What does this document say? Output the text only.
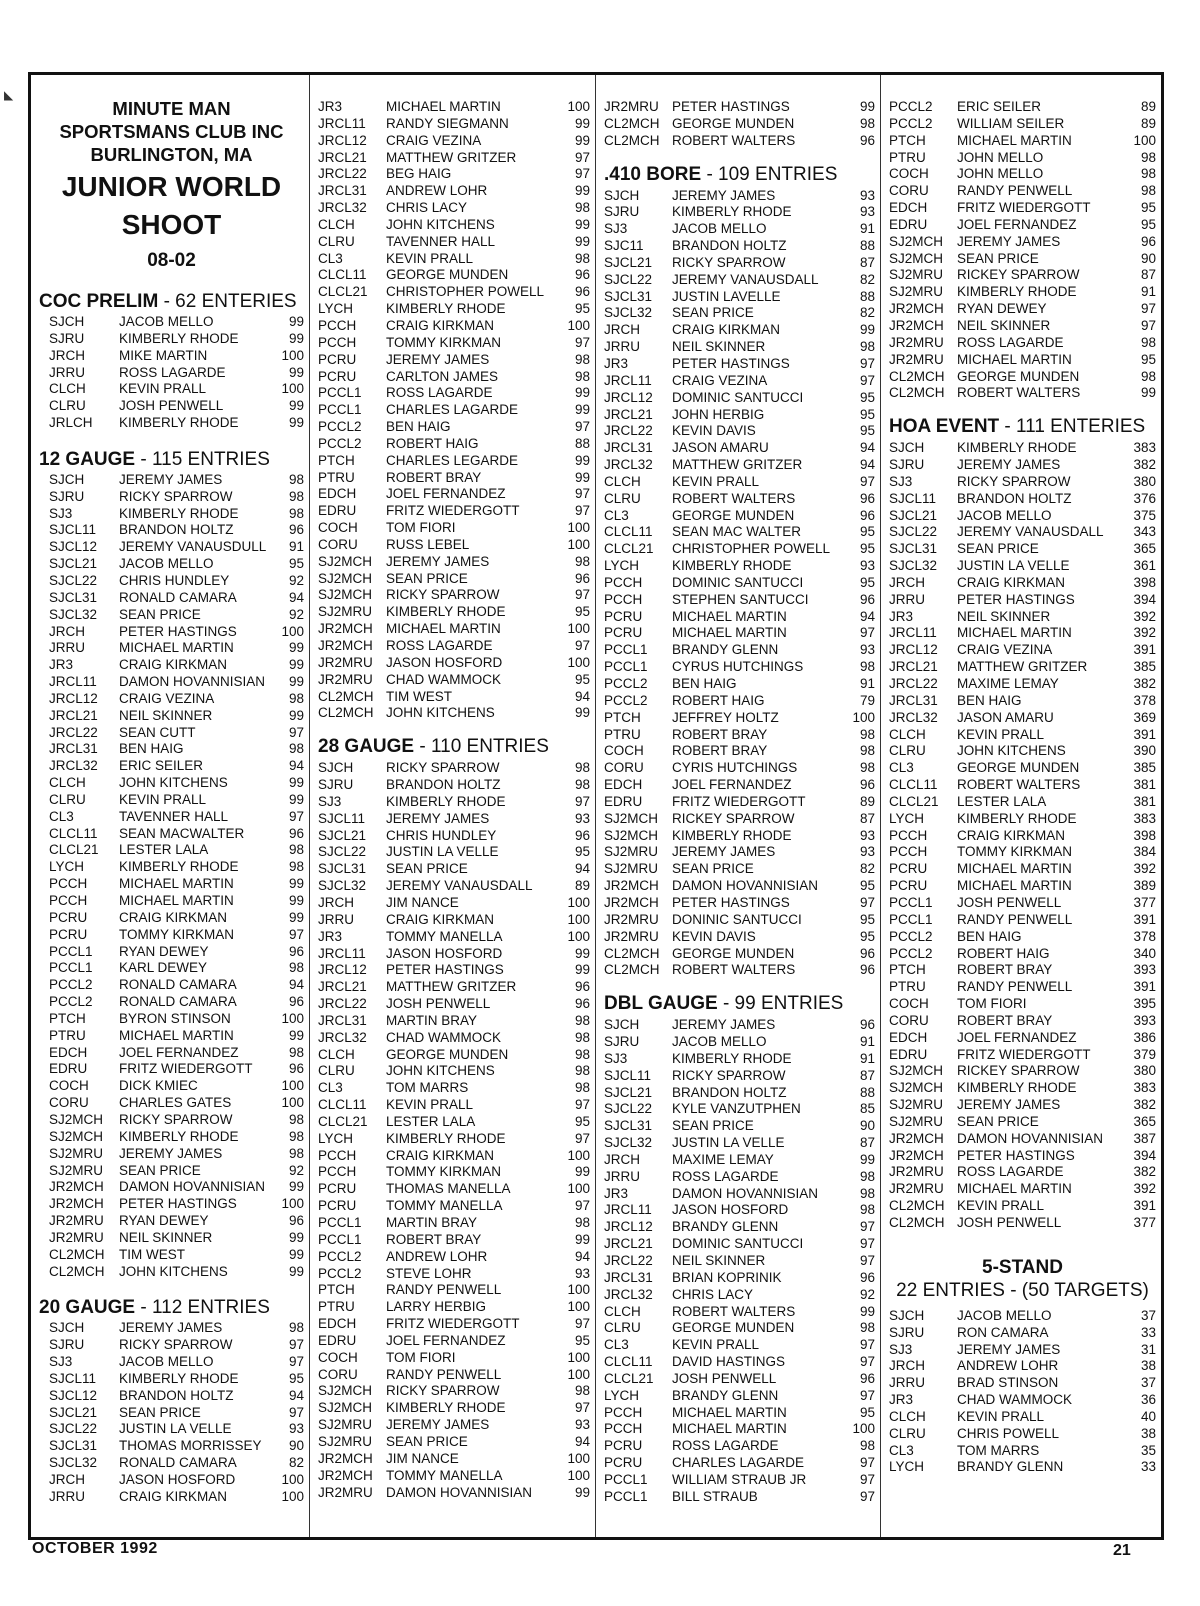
◣
MINUTE MAN
SPORTSMANS CLUB INC
BURLINGTON, MA
JUNIOR WORLD
SHOOT
08-02
COC PRELIM - 62 ENTERIES
SJCH	JACOB MELLO	99
SJRU	KIMBERLY RHODE	99
JRCH	MIKE MARTIN	100
JRRU	ROSS LAGARDE	99
CLCH	KEVIN PRALL	100
CLRU	JOSH PENWELL	99
JRLCH	KIMBERLY RHODE	99
12 GAUGE - 115 ENTRIES
SJCH	JEREMY JAMES	98
SJRU	RICKY SPARROW	98
SJ3	KIMBERLY RHODE	98
SJCL11	BRANDON HOLTZ	96
SJCL12	JEREMY VANAUSDULL	91
SJCL21	JACOB MELLO	95
SJCL22	CHRIS HUNDLEY	92
SJCL31	RONALD CAMARA	94
SJCL32	SEAN PRICE	92
JRCH	PETER HASTINGS	100
JRRU	MICHAEL MARTIN	99
JR3	CRAIG KIRKMAN	99
JRCL11	DAMON HOVANNISIAN	99
JRCL12	CRAIG VEZINA	98
JRCL21	NEIL SKINNER	99
JRCL22	SEAN CUTT	97
JRCL31	BEN HAIG	98
JRCL32	ERIC SEILER	94
CLCH	JOHN KITCHENS	99
CLRU	KEVIN PRALL	99
CL3	TAVENNER HALL	97
CLCL11	SEAN MACWALTER	96
CLCL21	LESTER LALA	98
LYCH	KIMBERLY RHODE	98
PCCH	MICHAEL MARTIN	99
PCCH	MICHAEL MARTIN	99
PCRU	CRAIG KIRKMAN	99
PCRU	TOMMY KIRKMAN	97
PCCL1	RYAN DEWEY	96
PCCL1	KARL DEWEY	98
PCCL2	RONALD CAMARA	94
PCCL2	RONALD CAMARA	96
PTCH	BYRON STINSON	100
PTRU	MICHAEL MARTIN	99
EDCH	JOEL FERNANDEZ	98
EDRU	FRITZ WIEDERGOTT	96
COCH	DICK KMIEC	100
CORU	CHARLES GATES	100
SJ2MCH	RICKY SPARROW	98
SJ2MCH	KIMBERLY RHODE	98
SJ2MRU	JEREMY JAMES	98
SJ2MRU	SEAN PRICE	92
JR2MCH	DAMON HOVANNISIAN	99
JR2MCH	PETER HASTINGS	100
JR2MRU	RYAN DEWEY	96
JR2MRU	NEIL SKINNER	99
CL2MCH	TIM WEST	99
CL2MCH	JOHN KITCHENS	99
20 GAUGE - 112 ENTRIES
SJCH	JEREMY JAMES	98
SJRU	RICKY SPARROW	97
SJ3	JACOB MELLO	97
SJCL11	KIMBERLY RHODE	95
SJCL12	BRANDON HOLTZ	94
SJCL21	SEAN PRICE	97
SJCL22	JUSTIN LA VELLE	93
SJCL31	THOMAS MORRISSEY	90
SJCL32	RONALD CAMARA	82
JRCH	JASON HOSFORD	100
JRRU	CRAIG KIRKMAN	100
JR3	MICHAEL MARTIN	100
JRCL11	RANDY SIEGMANN	99
JRCL12	CRAIG VEZINA	99
JRCL21	MATTHEW GRITZER	97
JRCL22	BEG HAIG	97
JRCL31	ANDREW LOHR	99
JRCL32	CHRIS LACY	98
CLCH	JOHN KITCHENS	99
CLRU	TAVENNER HALL	99
CL3	KEVIN PRALL	98
CLCL11	GEORGE MUNDEN	96
CLCL21	CHRISTOPHER POWELL	96
LYCH	KIMBERLY RHODE	95
PCCH	CRAIG KIRKMAN	100
PCCH	TOMMY KIRKMAN	97
PCRU	JEREMY JAMES	98
PCRU	CARLTON JAMES	98
PCCL1	ROSS LAGARDE	99
PCCL1	CHARLES LAGARDE	99
PCCL2	BEN HAIG	97
PCCL2	ROBERT HAIG	88
PTCH	CHARLES LEGARDE	99
PTRU	ROBERT BRAY	99
EDCH	JOEL FERNANDEZ	97
EDRU	FRITZ WIEDERGOTT	97
COCH	TOM FIORI	100
CORU	RUSS LEBEL	100
SJ2MCH	JEREMY JAMES	98
SJ2MCH	SEAN PRICE	96
SJ2MCH	RICKY SPARROW	97
SJ2MRU	KIMBERLY RHODE	95
JR2MCH MICHAEL MARTIN	100
JR2MCH ROSS LAGARDE	97
JR2MRU JASON HOSFORD	100
JR2MRU CHAD WAMMOCK	95
CL2MCH TIM WEST	94
CL2MCH JOHN KITCHENS	99
28 GAUGE - 110 ENTRIES
SJCH	RICKY SPARROW	98
SJRU	BRANDON HOLTZ	98
SJ3	KIMBERLY RHODE	97
SJCL11	JEREMY JAMES	93
SJCL21	CHRIS HUNDLEY	96
SJCL22	JUSTIN LA VELLE	95
SJCL31	SEAN PRICE	94
SJCL32	JEREMY VANAUSDALL	89
JRCH	JIM NANCE	100
JRRU	CRAIG KIRKMAN	100
JR3	TOMMY MANELLA	100
JRCL11	JASON HOSFORD	99
JRCL12	PETER HASTINGS	99
JRCL21	MATTHEW GRITZER	96
JRCL22	JOSH PENWELL	96
JRCL31	MARTIN BRAY	98
JRCL32	CHAD WAMMOCK	98
CLCH	GEORGE MUNDEN	98
CLRU	JOHN KITCHENS	98
CL3	TOM MARRS	98
CLCL11	KEVIN PRALL	97
CLCL21	LESTER LALA	95
LYCH	KIMBERLY RHODE	97
PCCH	CRAIG KIRKMAN	100
PCCH	TOMMY KIRKMAN	99
PCRU	THOMAS MANELLA	100
PCRU	TOMMY MANELLA	97
PCCL1	MARTIN BRAY	98
PCCL1	ROBERT BRAY	99
PCCL2	ANDREW LOHR	94
PCCL2	STEVE LOHR	93
PTCH	RANDY PENWELL	100
PTRU	LARRY HERBIG	100
EDCH	FRITZ WIEDERGOTT	97
EDRU	JOEL FERNANDEZ	95
COCH	TOM FIORI	100
CORU	RANDY PENWELL	100
SJ2MCH	RICKY SPARROW	98
SJ2MCH	KIMBERLY RHODE	97
SJ2MRU	JEREMY JAMES	93
SJ2MRU	SEAN PRICE	94
JR2MCH JIM NANCE	100
JR2MCH TOMMY MANELLA	100
JR2MRU DAMON HOVANNISIAN	99
JR2MRU PETER HASTINGS	99
CL2MCH GEORGE MUNDEN	98
CL2MCH ROBERT WALTERS	96
.410 BORE - 109 ENTRIES
SJCH	JEREMY JAMES	93
SJRU	KIMBERLY RHODE	93
SJ3	JACOB MELLO	91
SJC11	BRANDON HOLTZ	88
SJCL21	RICKY SPARROW	87
SJCL22	JEREMY VANAUSDALL	82
SJCL31	JUSTIN LAVELLE	88
SJCL32	SEAN PRICE	82
JRCH	CRAIG KIRKMAN	99
JRRU	NEIL SKINNER	98
JR3	PETER HASTINGS	97
JRCL11	CRAIG VEZINA	97
JRCL12	DOMINIC SANTUCCI	95
JRCL21	JOHN HERBIG	95
JRCL22	KEVIN DAVIS	95
JRCL31	JASON AMARU	94
JRCL32	MATTHEW GRITZER	94
CLCH	KEVIN PRALL	97
CLRU	ROBERT WALTERS	96
CL3	GEORGE MUNDEN	96
CLCL11	SEAN MAC WALTER	95
CLCL21	CHRISTOPHER POWELL	95
LYCH	KIMBERLY RHODE	93
PCCH	DOMINIC SANTUCCI	95
PCCH	STEPHEN SANTUCCI	96
PCRU	MICHAEL MARTIN	94
PCRU	MICHAEL MARTIN	97
PCCL1	BRANDY GLENN	93
PCCL1	CYRUS HUTCHINGS	98
PCCL2	BEN HAIG	91
PCCL2	ROBERT HAIG	79
PTCH	JEFFREY HOLTZ	100
PTRU	ROBERT BRAY	98
COCH	ROBERT BRAY	98
CORU	CYRIS HUTCHINGS	98
EDCH	JOEL FERNANDEZ	96
EDRU	FRITZ WIEDERGOTT	89
SJ2MCH	RICKEY SPARROW	87
SJ2MCH	KIMBERLY RHODE	93
SJ2MRU	JEREMY JAMES	93
SJ2MRU	SEAN PRICE	82
JR2MCH DAMON HOVANNISIAN	95
JR2MCH PETER HASTINGS	97
JR2MRU DONINIC SANTUCCI	95
JR2MRU KEVIN DAVIS	95
CL2MCH GEORGE MUNDEN	96
CL2MCH ROBERT WALTERS	96
DBL GAUGE - 99 ENTRIES
SJCH	JEREMY JAMES	96
SJRU	JACOB MELLO	91
SJ3	KIMBERLY RHODE	91
SJCL11	RICKY SPARROW	87
SJCL21	BRANDON HOLTZ	88
SJCL22	KYLE VANZUTPHEN	85
SJCL31	SEAN PRICE	90
SJCL32	JUSTIN LA VELLE	87
JRCH	MAXIME LEMAY	99
JRRU	ROSS LAGARDE	98
JR3	DAMON HOVANNISIAN	98
JRCL11	JASON HOSFORD	98
JRCL12	BRANDY GLENN	97
JRCL21	DOMINIC SANTUCCI	97
JRCL22	NEIL SKINNER	97
JRCL31	BRIAN KOPRINIK	96
JRCL32	CHRIS LACY	92
CLCH	ROBERT WALTERS	99
CLRU	GEORGE MUNDEN	98
CL3	KEVIN PRALL	97
CLCL11	DAVID HASTINGS	97
CLCL21	JOSH PENWELL	96
LYCH	BRANDY GLENN	97
PCCH	MICHAEL MARTIN	95
PCCH	MICHAEL MARTIN	100
PCRU	ROSS LAGARDE	98
PCRU	CHARLES LAGARDE	97
PCCL1	WILLIAM STRAUB JR	97
PCCL1	BILL STRAUB	97
PCCL2	ERIC SEILER	89
PCCL2	WILLIAM SEILER	89
PTCH	MICHAEL MARTIN	100
PTRU	JOHN MELLO	98
COCH	JOHN MELLO	98
CORU	RANDY PENWELL	98
EDCH	FRITZ WIEDERGOTT	95
EDRU	JOEL FERNANDEZ	95
SJ2MCH	JEREMY JAMES	96
SJ2MCH	SEAN PRICE	90
SJ2MRU	RICKEY SPARROW	87
SJ2MRU	KIMBERLY RHODE	91
JR2MCH RYAN DEWEY	97
JR2MCH NEIL SKINNER	97
JR2MRU ROSS LAGARDE	98
JR2MRU MICHAEL MARTIN	95
CL2MCH GEORGE MUNDEN	98
CL2MCH ROBERT WALTERS	99
HOA EVENT - 111 ENTERIES
SJCH	KIMBERLY RHODE	383
SJRU	JEREMY JAMES	382
SJ3	RICKY SPARROW	380
SJCL11	BRANDON HOLTZ	376
SJCL21	JACOB MELLO	375
SJCL22	JEREMY VANAUSDALL	343
SJCL31	SEAN PRICE	365
SJCL32	JUSTIN LA VELLE	361
JRCH	CRAIG KIRKMAN	398
JRRU	PETER HASTINGS	394
JR3	NEIL SKINNER	392
JRCL11	MICHAEL MARTIN	392
JRCL12	CRAIG VEZINA	391
JRCL21	MATTHEW GRITZER	385
JRCL22	MAXIME LEMAY	382
JRCL31	BEN HAIG	378
JRCL32	JASON AMARU	369
CLCH	KEVIN PRALL	391
CLRU	JOHN KITCHENS	390
CL3	GEORGE MUNDEN	385
CLCL11	ROBERT WALTERS	381
CLCL21	LESTER LALA	381
LYCH	KIMBERLY RHODE	383
PCCH	CRAIG KIRKMAN	398
PCCH	TOMMY KIRKMAN	384
PCRU	MICHAEL MARTIN	392
PCRU	MICHAEL MARTIN	389
PCCL1	JOSH PENWELL	377
PCCL1	RANDY PENWELL	391
PCCL2	BEN HAIG	378
PCCL2	ROBERT HAIG	340
PTCH	ROBERT BRAY	393
PTRU	RANDY PENWELL	391
COCH	TOM FIORI	395
CORU	ROBERT BRAY	393
EDCH	JOEL FERNANDEZ	386
EDRU	FRITZ WIEDERGOTT	379
SJ2MCH	RICKEY SPARROW	380
SJ2MCH	KIMBERLY RHODE	383
SJ2MRU	JEREMY JAMES	382
SJ2MRU	SEAN PRICE	365
JR2MCH DAMON HOVANNISIAN	387
JR2MCH PETER HASTINGS	394
JR2MRU ROSS LAGARDE	382
JR2MRU MICHAEL MARTIN	392
CL2MCH KEVIN PRALL	391
CL2MCH JOSH PENWELL	377
5-STAND
22 ENTRIES - (50 TARGETS)
SJCH	JACOB MELLO	37
SJRU	RON CAMARA	33
SJ3	JEREMY JAMES	31
JRCH	ANDREW LOHR	38
JRRU	BRAD STINSON	37
JR3	CHAD WAMMOCK	36
CLCH	KEVIN PRALL	40
CLRU	CHRIS POWELL	38
CL3	TOM MARRS	35
LYCH	BRANDY GLENN	33
OCTOBER 1992	21
